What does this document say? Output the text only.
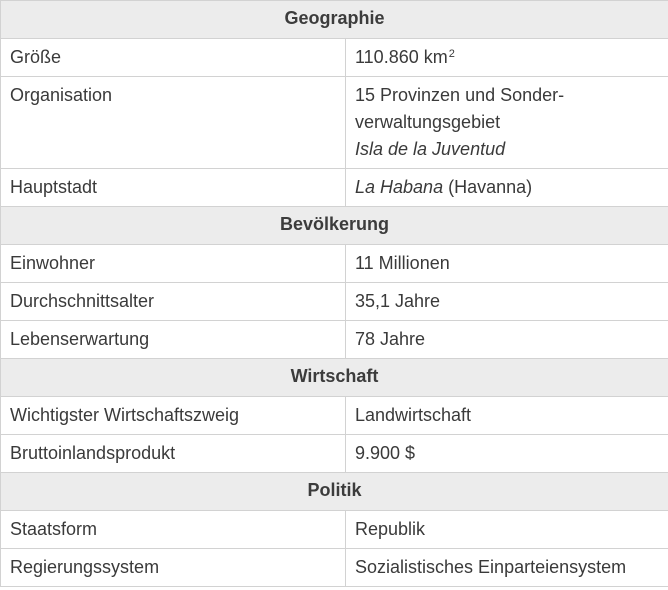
Geographie	
Größe	110.860 $km^2$
Organisation	15 Provinzen und Sonder-
verwaltungsgebiet
Isla de la Juventud

Hauptstadt	La Habana (Havanna)
Bevölkerung	
Einwohner	11 Millionen
Durchschnittsalter	35,1 Jahre
Lebenserwartung	78 Jahre
Wirtschaft	
Wichtigster Wirtschaftszweig	Landwirtschaft
Bruttoinlandsprodukt	9.900 $
Politik	
Staatsform	Republik
Regierungssystem	Sozialistisches Einparteiensystem
